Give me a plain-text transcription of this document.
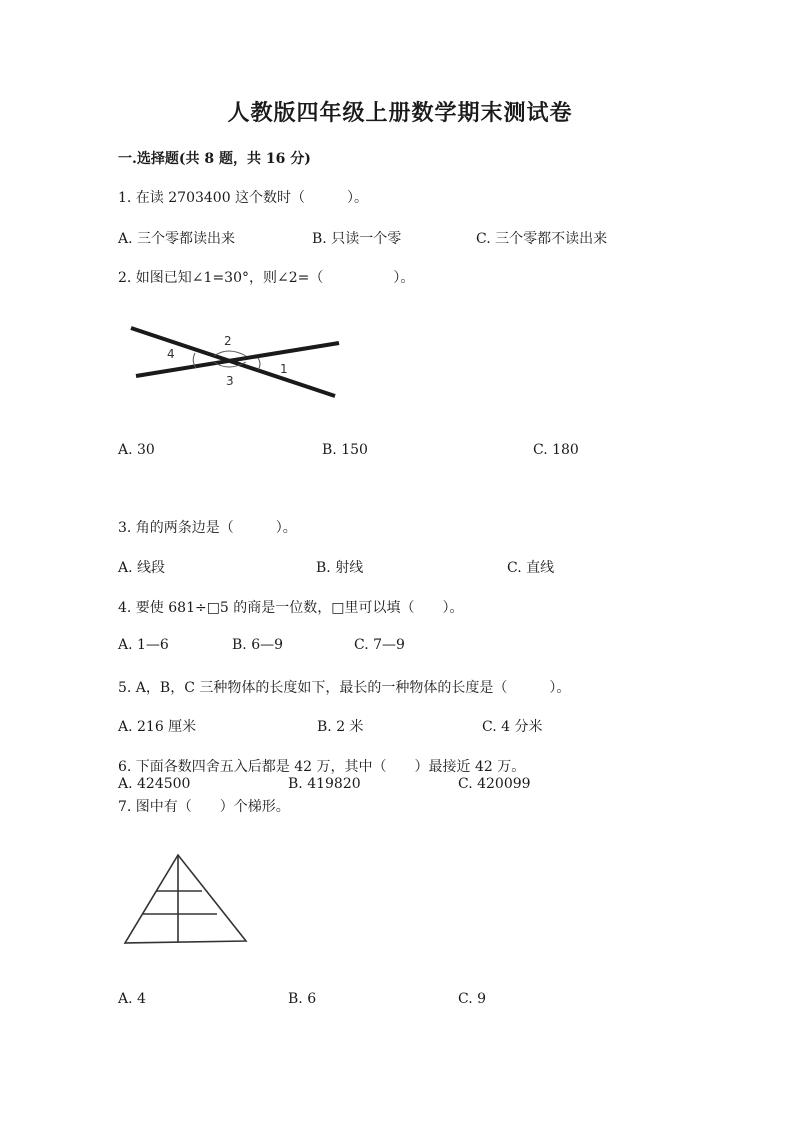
人教版四年级上册数学期末测试卷
一.选择题(共 8 题，共 16 分)
1. 在读 2703400 这个数时（　　　）。
A. 三个零都读出来	B. 只读一个零	C. 三个零都不读出来
2. 如图已知∠1=30°，则∠2=（　　　　　）。
4
2
3
1
A. 30	B. 150	C. 180
3. 角的两条边是（　　　）。
A. 线段	B. 射线	C. 直线
4. 要使 681÷□5 的商是一位数，□里可以填（　　）。
A. 1—6	B. 6—9	C. 7—9
5. A，B，C 三种物体的长度如下，最长的一种物体的长度是（　　　）。
A. 216 厘米	B. 2 米	C. 4 分米
6. 下面各数四舍五入后都是 42 万，其中（　　）最接近 42 万。
A. 424500	B. 419820	C. 420099
7. 图中有（　　）个梯形。
A. 4	B. 6	C. 9
